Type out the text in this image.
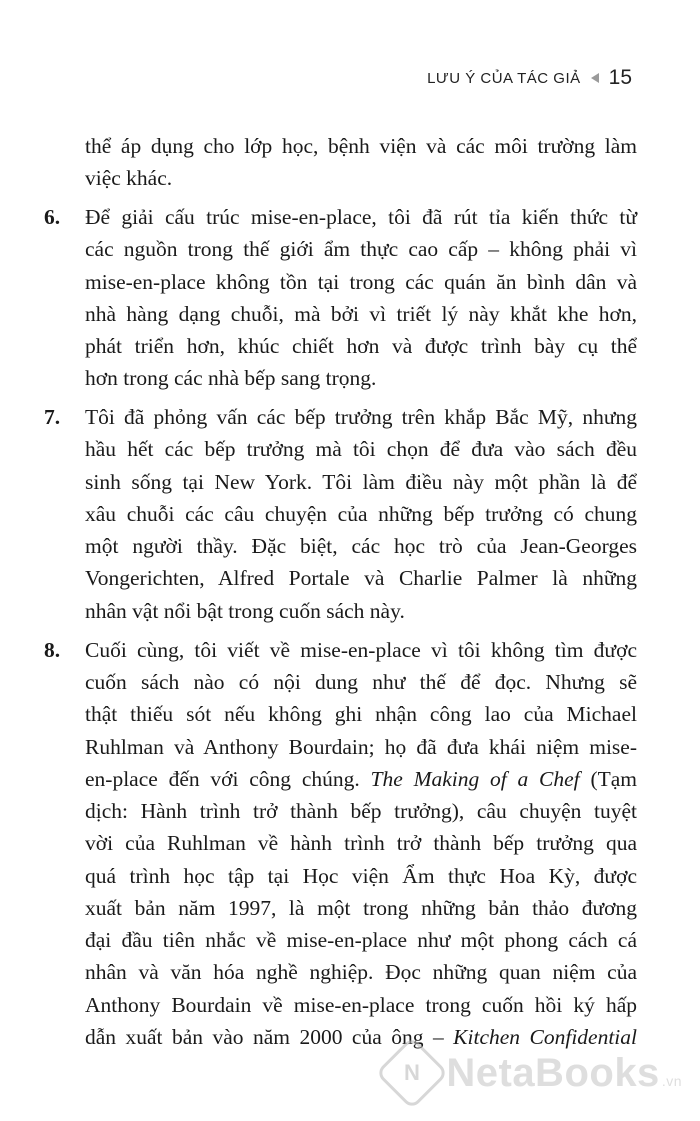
LƯU Ý CỦA TÁC GIẢ 15
thể áp dụng cho lớp học, bệnh viện và các môi trường làm
việc khác.
6. Để giải cấu trúc mise-en-place, tôi đã rút tỉa kiến thức từ
các nguồn trong thế giới ẩm thực cao cấp – không phải vì
mise-en-place không tồn tại trong các quán ăn bình dân và
nhà hàng dạng chuỗi, mà bởi vì triết lý này khắt khe hơn,
phát triển hơn, khúc chiết hơn và được trình bày cụ thể
hơn trong các nhà bếp sang trọng.
7. Tôi đã phỏng vấn các bếp trưởng trên khắp Bắc Mỹ, nhưng
hầu hết các bếp trưởng mà tôi chọn để đưa vào sách đều
sinh sống tại New York. Tôi làm điều này một phần là để
xâu chuỗi các câu chuyện của những bếp trưởng có chung
một người thầy. Đặc biệt, các học trò của Jean-Georges
Vongerichten, Alfred Portale và Charlie Palmer là những
nhân vật nổi bật trong cuốn sách này.
8. Cuối cùng, tôi viết về mise-en-place vì tôi không tìm được
cuốn sách nào có nội dung như thế để đọc. Nhưng sẽ
thật thiếu sót nếu không ghi nhận công lao của Michael
Ruhlman và Anthony Bourdain; họ đã đưa khái niệm mise-
en-place đến với công chúng. The Making of a Chef (Tạm
dịch: Hành trình trở thành bếp trưởng), câu chuyện tuyệt
vời của Ruhlman về hành trình trở thành bếp trưởng qua
quá trình học tập tại Học viện Ẩm thực Hoa Kỳ, được
xuất bản năm 1997, là một trong những bản thảo đương
đại đầu tiên nhắc về mise-en-place như một phong cách cá
nhân và văn hóa nghề nghiệp. Đọc những quan niệm của
Anthony Bourdain về mise-en-place trong cuốn hồi ký hấp
dẫn xuất bản vào năm 2000 của ông – Kitchen Confidential
N NetaBooks .vn
